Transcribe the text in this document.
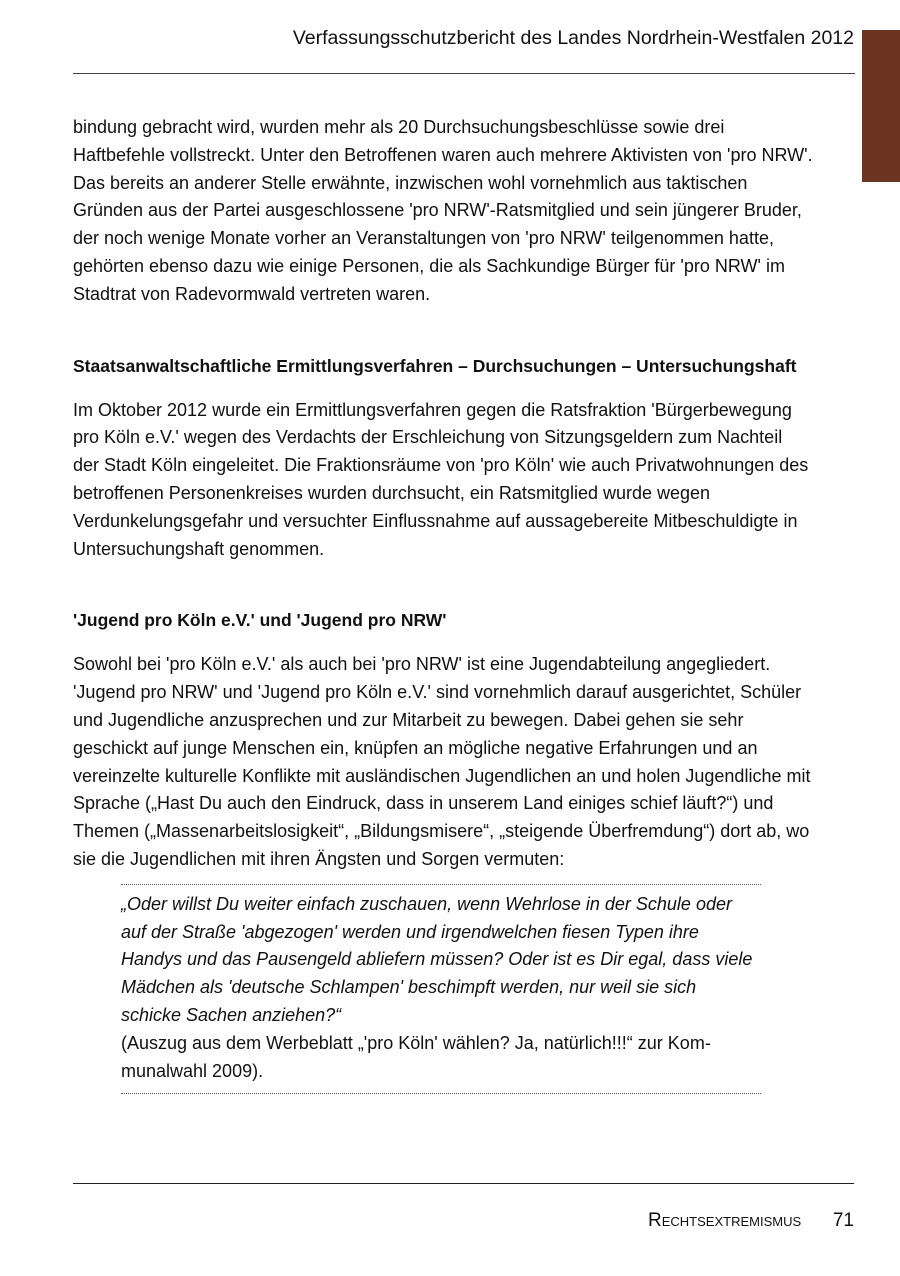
Verfassungsschutzbericht des Landes Nordrhein-Westfalen 2012

bindung gebracht wird, wurden mehr als 20 Durchsuchungsbeschlüsse sowie drei Haftbefehle vollstreckt. Unter den Betroffenen waren auch mehrere Aktivisten von 'pro NRW'. Das bereits an anderer Stelle erwähnte, inzwischen wohl vornehmlich aus taktischen Gründen aus der Partei ausgeschlossene 'pro NRW'-Ratsmitglied und sein jüngerer Bruder, der noch wenige Monate vorher an Veranstaltungen von 'pro NRW' teilgenommen hatte, gehörten ebenso dazu wie einige Personen, die als Sachkundige Bürger für 'pro NRW' im Stadtrat von Radevormwald vertreten waren.

Staatsanwaltschaftliche Ermittlungsverfahren – Durchsuchungen – Untersuchungshaft

Im Oktober 2012 wurde ein Ermittlungsverfahren gegen die Ratsfraktion 'Bürgerbewegung pro Köln e.V.' wegen des Verdachts der Erschleichung von Sitzungsgeldern zum Nachteil der Stadt Köln eingeleitet. Die Fraktionsräume von 'pro Köln' wie auch Privatwohnungen des betroffenen Personenkreises wurden durchsucht, ein Ratsmitglied wurde wegen Verdunkelungsgefahr und versuchter Einflussnahme auf aussagebereite Mitbeschuldigte in Untersuchungshaft genommen.

'Jugend pro Köln e.V.' und 'Jugend pro NRW'

Sowohl bei 'pro Köln e.V.' als auch bei 'pro NRW' ist eine Jugendabteilung angegliedert. 'Jugend pro NRW' und 'Jugend pro Köln e.V.' sind vornehmlich darauf ausgerichtet, Schüler und Jugendliche anzusprechen und zur Mitarbeit zu bewegen. Dabei gehen sie sehr geschickt auf junge Menschen ein, knüpfen an mögliche negative Erfahrungen und an vereinzelte kulturelle Konflikte mit ausländischen Jugendlichen an und holen Jugendliche mit Sprache („Hast Du auch den Eindruck, dass in unserem Land einiges schief läuft?“) und Themen („Massenarbeitslosigkeit“, „Bildungsmisere“, „steigende Überfremdung“) dort ab, wo sie die Jugendlichen mit ihren Ängsten und Sorgen vermuten:

„Oder willst Du weiter einfach zuschauen, wenn Wehrlose in der Schule oder auf der Straße 'abgezogen' werden und irgendwelchen fiesen Typen ihre Handys und das Pausengeld abliefern müssen? Oder ist es Dir egal, dass viele Mädchen als 'deutsche Schlampen' beschimpft werden, nur weil sie sich schicke Sachen anziehen?“

(Auszug aus dem Werbeblatt „'pro Köln' wählen? Ja, natürlich!!!“ zur Kommunalwahl 2009).

Rechtsextremismus 71
